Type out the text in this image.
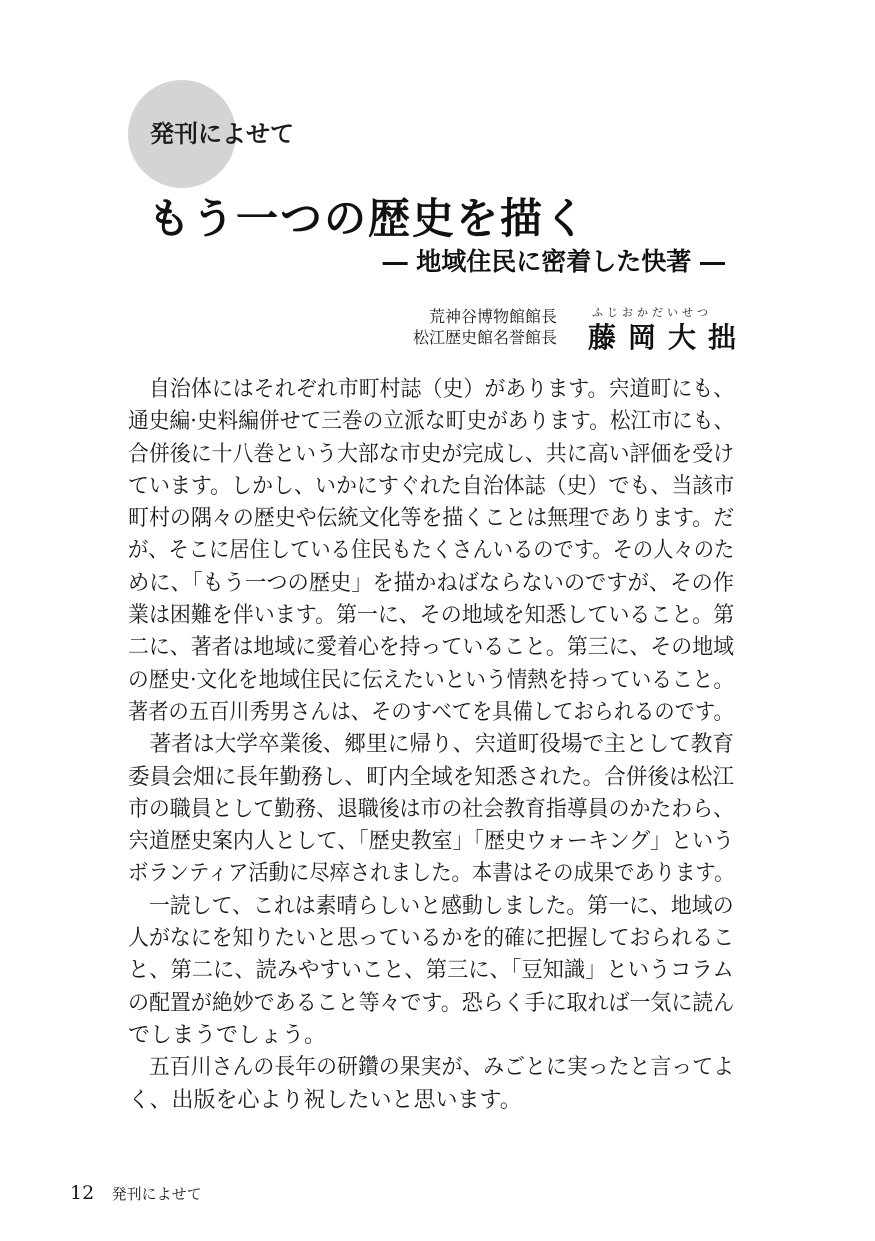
発刊によせて
もう一つの歴史を描く
― 地域住民に密着した快著 ―
荒神谷博物館館長
松江歴史館名誉館長
ふじおかだいせつ
藤岡大拙
　自治体にはそれぞれ市町村誌（史）があります。宍道町にも、
通史編·史料編併せて三巻の立派な町史があります。松江市にも、
合併後に十八巻という大部な市史が完成し、共に高い評価を受け
ています。しかし、いかにすぐれた自治体誌（史）でも、当該市
町村の隅々の歴史や伝統文化等を描くことは無理であります。だ
が、そこに居住している住民もたくさんいるのです。その人々のた
めに、「もう一つの歴史」を描かねばならないのですが、その作
業は困難を伴います。第一に、その地域を知悉していること。第
二に、著者は地域に愛着心を持っていること。第三に、その地域
の歴史·文化を地域住民に伝えたいという情熱を持っていること。
著者の五百川秀男さんは、そのすべてを具備しておられるのです。
　著者は大学卒業後、郷里に帰り、宍道町役場で主として教育
委員会畑に長年勤務し、町内全域を知悉された。合併後は松江
市の職員として勤務、退職後は市の社会教育指導員のかたわら、
宍道歴史案内人として、「歴史教室」「歴史ウォーキング」という
ボランティア活動に尽瘁されました。本書はその成果であります。
　一読して、これは素晴らしいと感動しました。第一に、地域の
人がなにを知りたいと思っているかを的確に把握しておられるこ
と、第二に、読みやすいこと、第三に、「豆知識」というコラム
の配置が絶妙であること等々です。恐らく手に取れば一気に読ん
でしまうでしょう。
　五百川さんの長年の研鑽の果実が、みごとに実ったと言ってよ
く、出版を心より祝したいと思います。
12 発刊によせて
